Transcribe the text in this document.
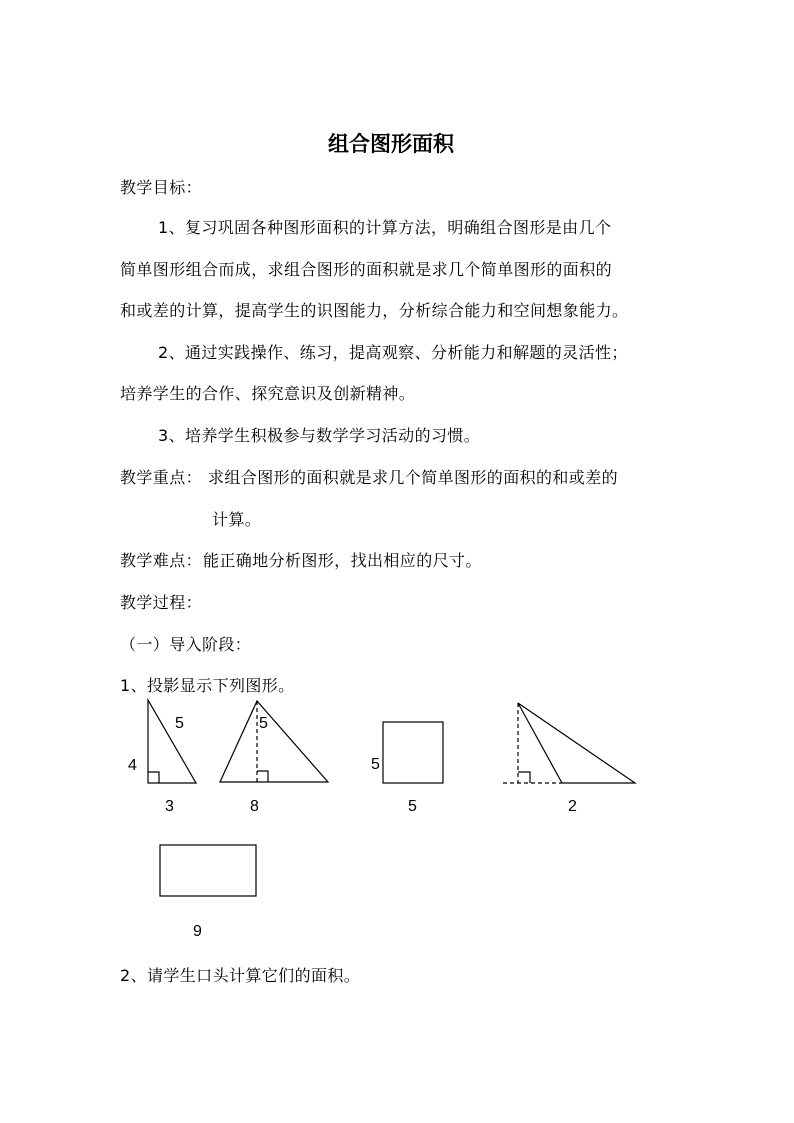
组合图形面积
教学目标：
1、复习巩固各种图形面积的计算方法，明确组合图形是由几个
简单图形组合而成，求组合图形的面积就是求几个简单图形的面积的
和或差的计算，提高学生的识图能力，分析综合能力和空间想象能力。
2、通过实践操作、练习，提高观察、分析能力和解题的灵活性；
培养学生的合作、探究意识及创新精神。
3、培养学生积极参与数学学习活动的习惯。
教学重点： 求组合图形的面积就是求几个简单图形的面积的和或差的
计算。
教学难点： 能正确地分析图形，找出相应的尺寸。
教学过程：
（一）导入阶段：
1、投影显示下列图形。
5
4
3
5
8
5
5	2
9
2、请学生口头计算它们的面积。
